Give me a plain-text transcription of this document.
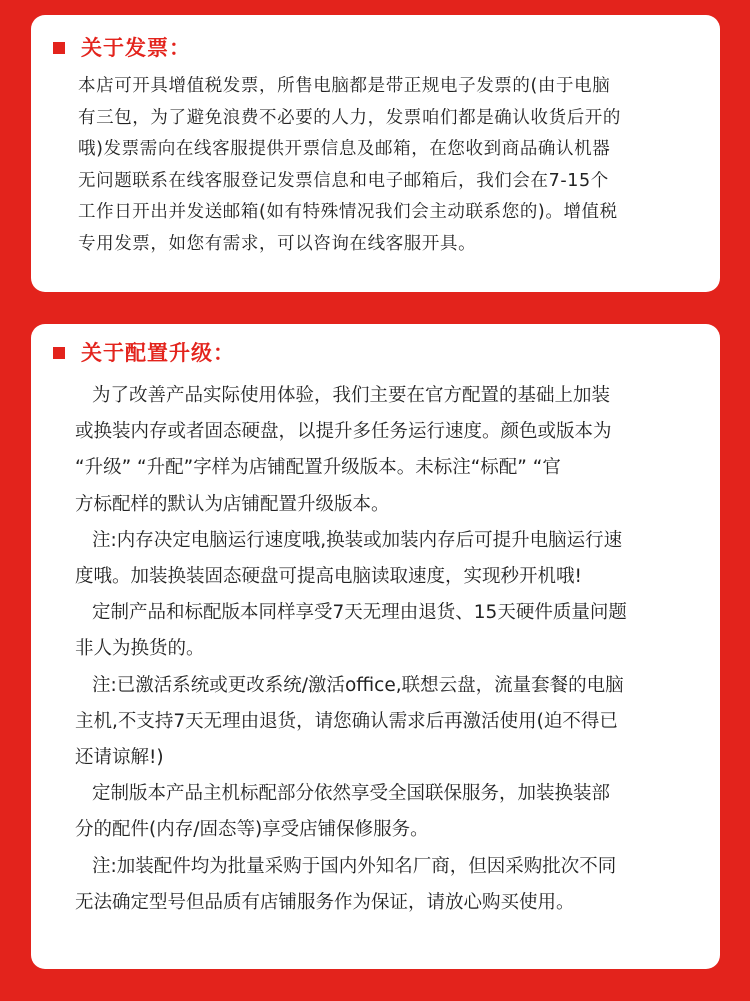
关于发票：
本店可开具增值税发票，所售电脑都是带正规电子发票的(由于电脑
有三包，为了避免浪费不必要的人力，发票咱们都是确认收货后开的
哦)发票需向在线客服提供开票信息及邮箱，在您收到商品确认机器
无问题联系在线客服登记发票信息和电子邮箱后，我们会在7-15个
工作日开出并发送邮箱(如有特殊情况我们会主动联系您的)。增值税
专用发票，如您有需求，可以咨询在线客服开具。
关于配置升级：
为了改善产品实际使用体验，我们主要在官方配置的基础上加装
或换装内存或者固态硬盘，以提升多任务运行速度。颜色或版本为
“升级” “升配”字样为店铺配置升级版本。未标注“标配” “官
方标配样的默认为店铺配置升级版本。
注:内存决定电脑运行速度哦,换装或加装内存后可提升电脑运行速
度哦。加装换装固态硬盘可提高电脑读取速度，实现秒开机哦!
定制产品和标配版本同样享受7天无理由退货、15天硬件质量问题
非人为换货的。
注:已激活系统或更改系统/激活office,联想云盘，流量套餐的电脑
主机,不支持7天无理由退货，请您确认需求后再激活使用(迫不得已
还请谅解!)
定制版本产品主机标配部分依然享受全国联保服务，加装换装部
分的配件(内存/固态等)享受店铺保修服务。
注:加装配件均为批量采购于国内外知名厂商，但因采购批次不同
无法确定型号但品质有店铺服务作为保证，请放心购买使用。
